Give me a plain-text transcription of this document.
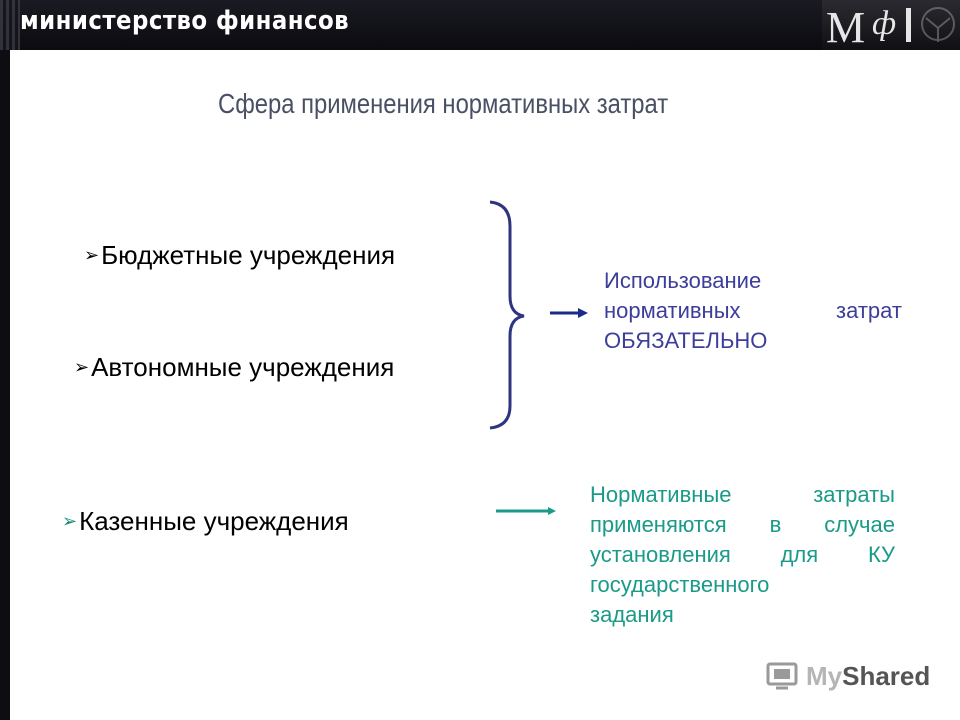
министерство финансов	М ф
Сфера применения нормативных затрат
➢Бюджетные учреждения
➢Автономные учреждения
➢Казенные учреждения
Использование
нормативных затрат
ОБЯЗАТЕЛЬНО
Нормативные затраты
применяются в случае
установления для КУ
государственного
задания
MyShared
